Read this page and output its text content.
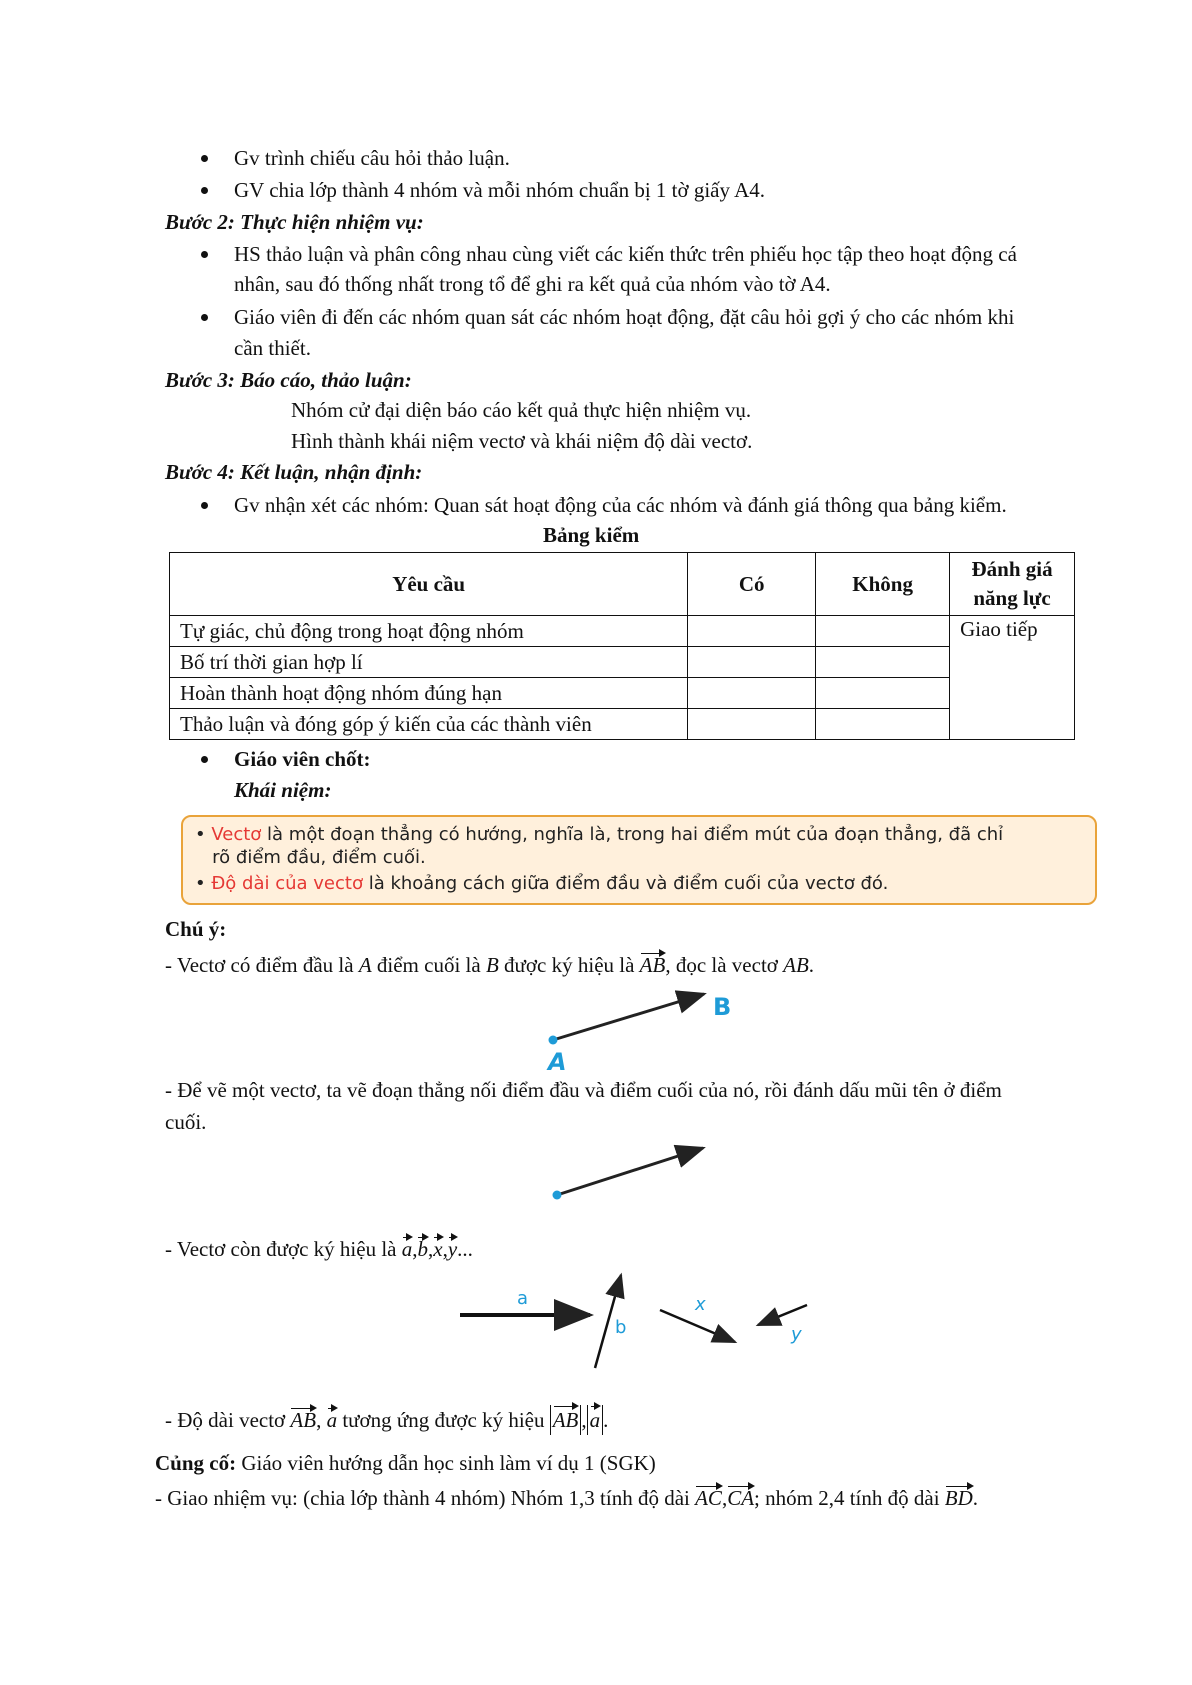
Gv trình chiếu câu hỏi thảo luận.
GV chia lớp thành 4 nhóm và mỗi nhóm chuẩn bị 1 tờ giấy A4.
Bước 2: Thực hiện nhiệm vụ:
HS thảo luận và phân công nhau cùng viết các kiến thức trên phiếu học tập theo hoạt động cá
nhân, sau đó thống nhất trong tổ để ghi ra kết quả của nhóm vào tờ A4.
Giáo viên đi đến các nhóm quan sát các nhóm hoạt động, đặt câu hỏi gợi ý cho các nhóm khi
cần thiết.
Bước 3: Báo cáo, thảo luận:
Nhóm cử đại diện báo cáo kết quả thực hiện nhiệm vụ.
Hình thành khái niệm vectơ và khái niệm độ dài vectơ.
Bước 4: Kết luận, nhận định:
Gv nhận xét các nhóm: Quan sát hoạt động của các nhóm và đánh giá thông qua bảng kiểm.
Bảng kiểm
Yêu cầu	Có	Không	Đánh giá
năng lực
Tự giác, chủ động trong hoạt động nhóm			Giao tiếp
Bố trí thời gian hợp lí			
Hoàn thành hoạt động nhóm đúng hạn			
Thảo luận và đóng góp ý kiến của các thành viên			
Giáo viên chốt:
Khái niệm:
• Vectơ là một đoạn thẳng có hướng, nghĩa là, trong hai điểm mút của đoạn thẳng, đã chỉ
rõ điểm đầu, điểm cuối.
• Độ dài của vectơ là khoảng cách giữa điểm đầu và điểm cuối của vectơ đó.
Chú ý:
- Vectơ có điểm đầu là A điểm cuối là B được ký hiệu là AB, đọc là vectơ AB.
A
B
- Để vẽ một vectơ, ta vẽ đoạn thẳng nối điểm đầu và điểm cuối của nó, rồi đánh dấu mũi tên ở điểm
cuối.
- Vectơ còn được ký hiệu là a,b,x,y...
a
b
x
y
- Độ dài vectơ AB, a tương ứng được ký hiệu AB , a .
Củng cố: Giáo viên hướng dẫn học sinh làm ví dụ 1 (SGK)
- Giao nhiệm vụ: (chia lớp thành 4 nhóm) Nhóm 1,3 tính độ dài AC,CA; nhóm 2,4 tính độ dài BD.
